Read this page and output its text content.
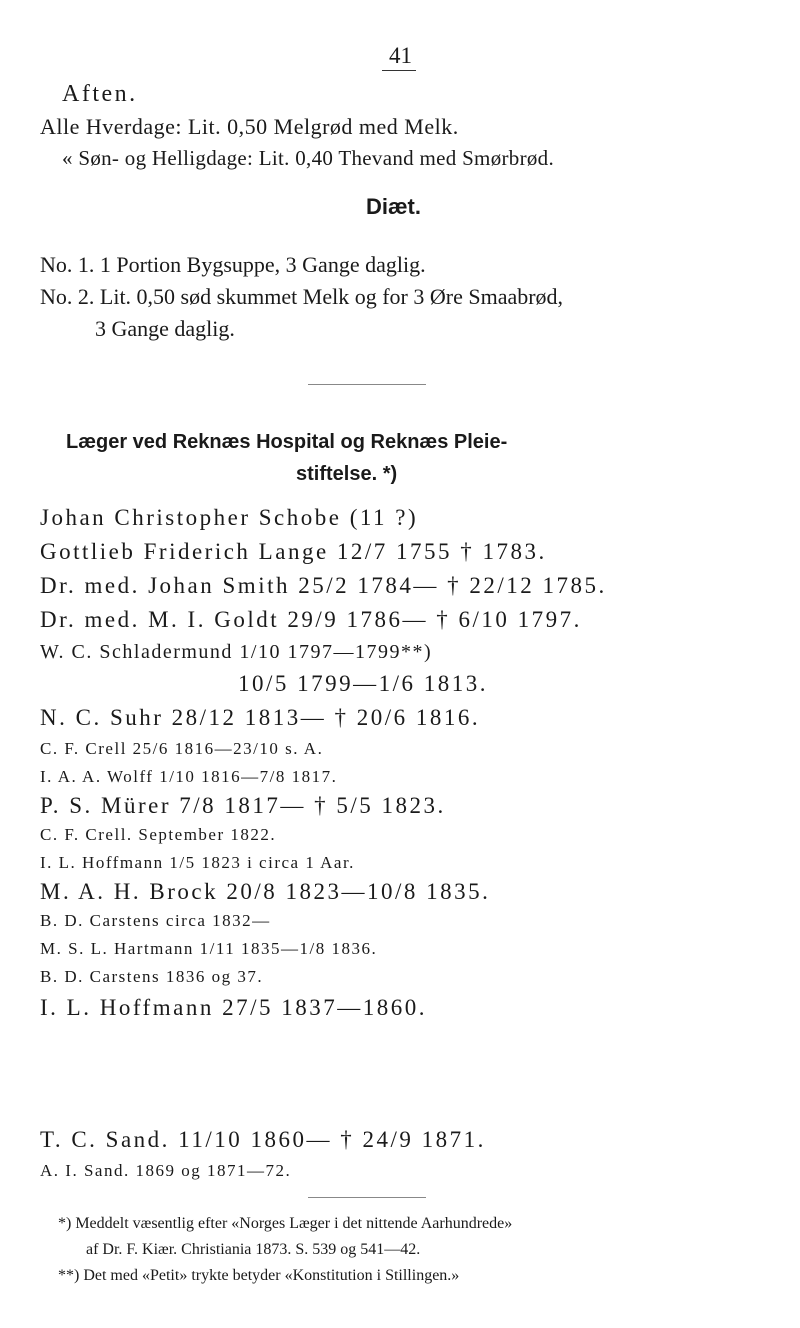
41
Aften.
Alle Hverdage: Lit. 0,50 Melgrød med Melk.
« Søn- og Helligdage: Lit. 0,40 Thevand med Smørbrød.
Diæt.
No. 1. 1 Portion Bygsuppe, 3 Gange daglig.
No. 2. Lit. 0,50 sød skummet Melk og for 3 Øre Smaabrød,
3 Gange daglig.
Læger ved Reknæs Hospital og Reknæs Pleie-
stiftelse. *)
Johan Christopher Schobe (11 ?)
Gottlieb Friderich Lange 12/7 1755 † 1783.
Dr. med. Johan Smith 25/2 1784— † 22/12 1785.
Dr. med. M. I. Goldt 29/9 1786— † 6/10 1797.
W. C. Schladermund 1/10 1797—1799**)
10/5 1799—1/6 1813.
N. C. Suhr 28/12 1813— † 20/6 1816.
C. F. Crell 25/6 1816—23/10 s. A.
I. A. A. Wolff 1/10 1816—7/8 1817.
P. S. Mürer 7/8 1817— † 5/5 1823.
C. F. Crell. September 1822.
I. L. Hoffmann 1/5 1823 i circa 1 Aar.
M. A. H. Brock 20/8 1823—10/8 1835.
B. D. Carstens circa 1832—
M. S. L. Hartmann 1/11 1835—1/8 1836.
B. D. Carstens 1836 og 37.
I. L. Hoffmann 27/5 1837—1860.
T. C. Sand. 11/10 1860— † 24/9 1871.
A. I. Sand. 1869 og 1871—72.
*) Meddelt væsentlig efter «Norges Læger i det nittende Aarhundrede»
af Dr. F. Kiær. Christiania 1873. S. 539 og 541—42.
**) Det med «Petit» trykte betyder «Konstitution i Stillingen.»
